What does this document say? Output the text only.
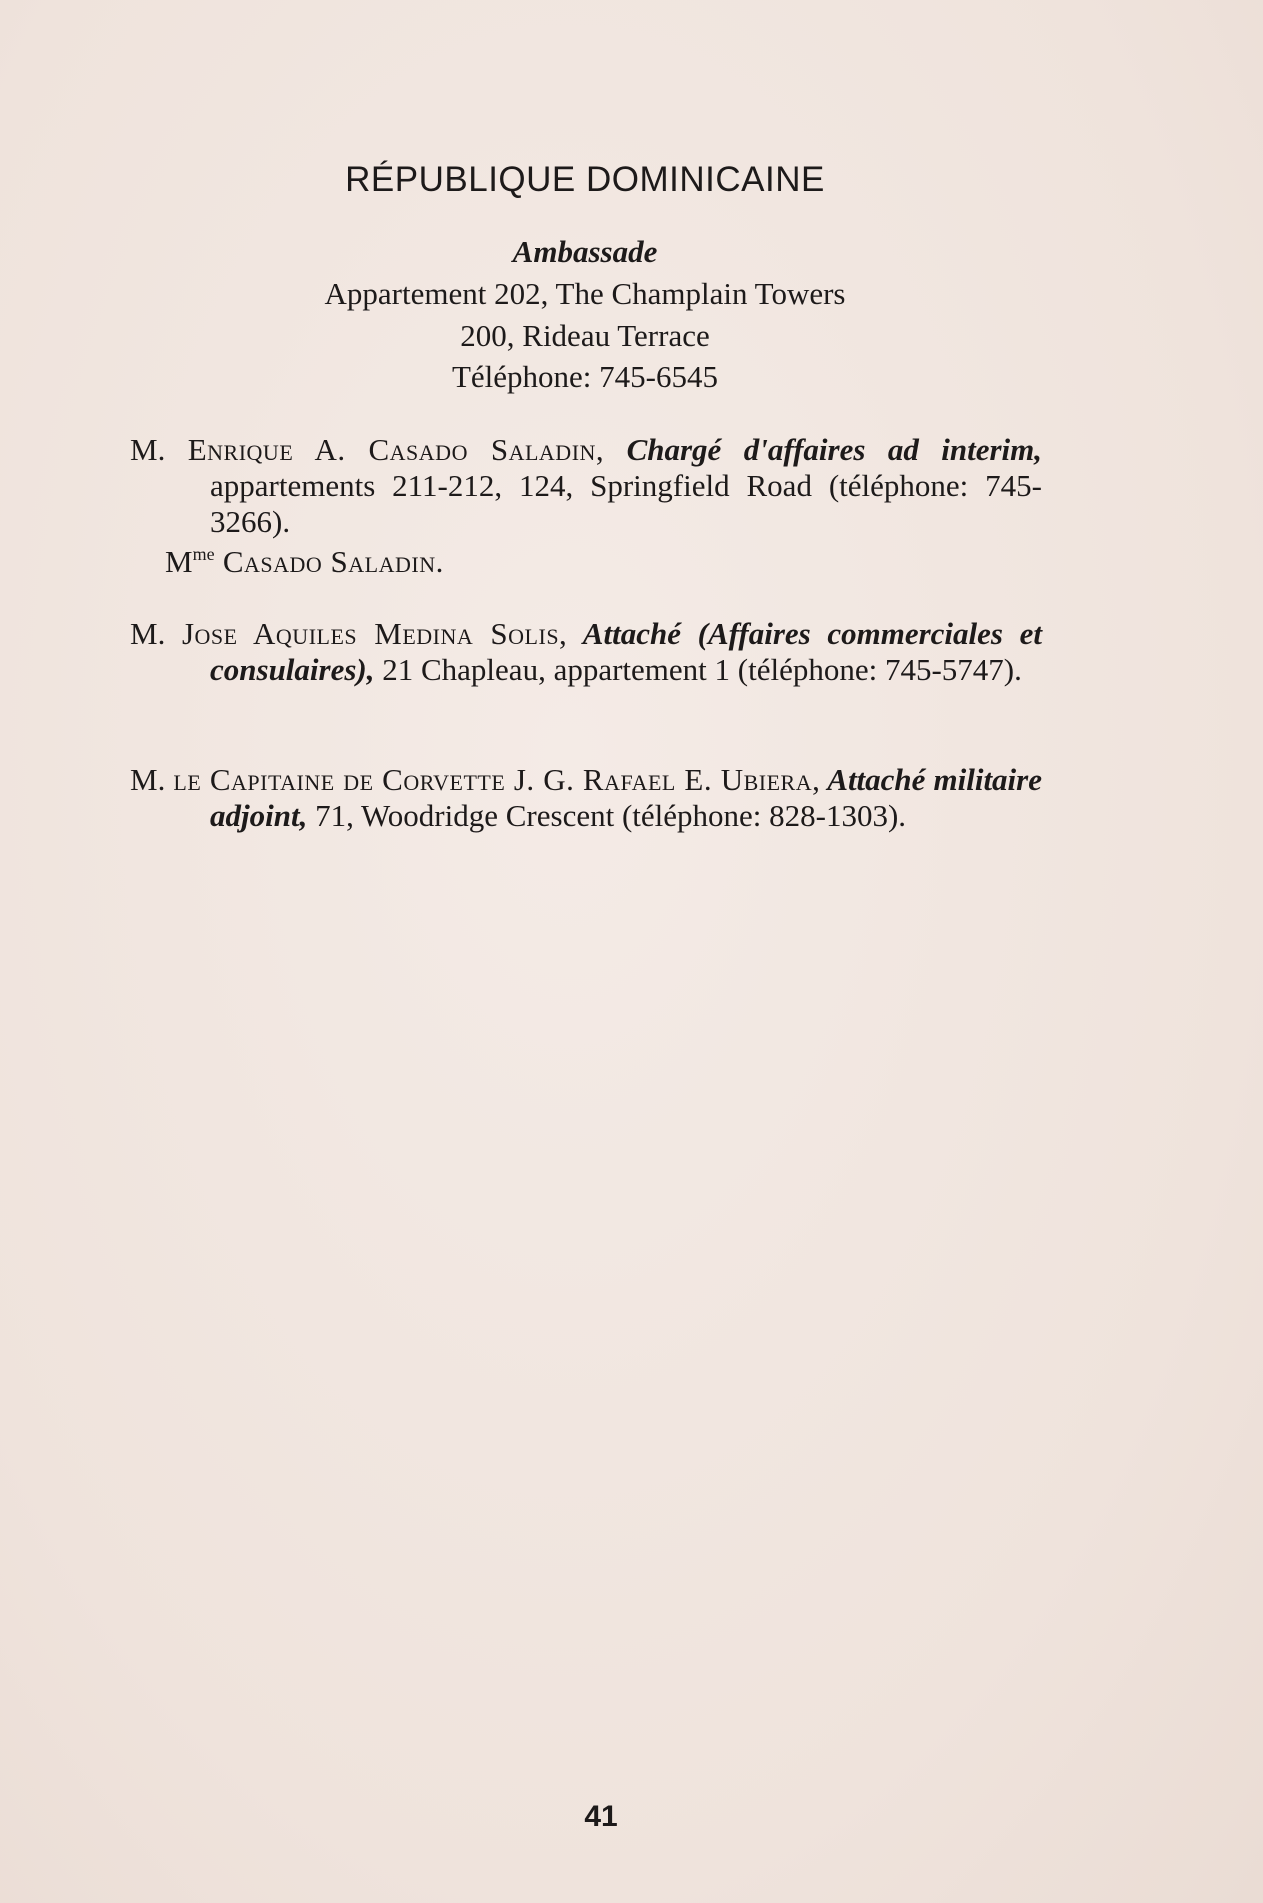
RÉPUBLIQUE DOMINICAINE
Ambassade
Appartement 202, The Champlain Towers
200, Rideau Terrace
Téléphone: 745-6545
M. Enrique A. Casado Saladin, Chargé d'affaires ad interim, appartements 211-212, 124, Springfield Road (téléphone: 745-3266).
$M^{me}$ Casado Saladin.
M. Jose Aquiles Medina Solis, Attaché (Affaires commerciales et consulaires), 21 Chapleau, appartement 1 (téléphone: 745-5747).
M. le Capitaine de Corvette J. G. Rafael E. Ubiera, Attaché militaire adjoint, 71, Woodridge Crescent (téléphone: 828-1303).
41
